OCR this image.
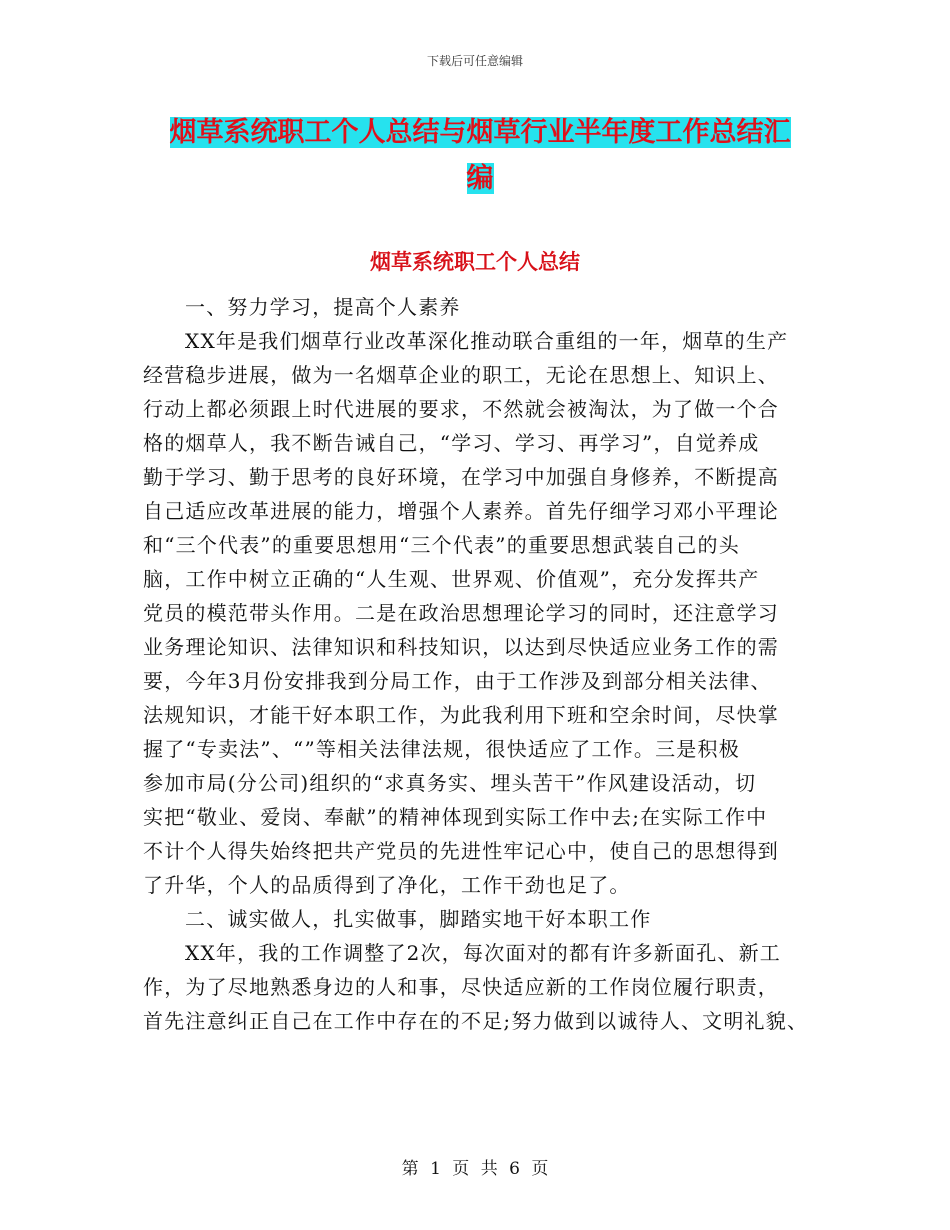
下载后可任意编辑
烟草系统职工个人总结与烟草行业半年度工作总结汇
编
烟草系统职工个人总结
一、努力学习，提高个人素养
XX年是我们烟草行业改革深化推动联合重组的一年，烟草的生产
经营稳步进展，做为一名烟草企业的职工，无论在思想上、知识上、
行动上都必须跟上时代进展的要求，不然就会被淘汰，为了做一个合
格的烟草人，我不断告诫自己，“学习、学习、再学习”，自觉养成
勤于学习、勤于思考的良好环境，在学习中加强自身修养，不断提高
自己适应改革进展的能力，增强个人素养。首先仔细学习邓小平理论
和“三个代表”的重要思想用“三个代表”的重要思想武装自己的头
脑，工作中树立正确的“人生观、世界观、价值观”，充分发挥共产
党员的模范带头作用。二是在政治思想理论学习的同时，还注意学习
业务理论知识、法律知识和科技知识，以达到尽快适应业务工作的需
要，今年3月份安排我到分局工作，由于工作涉及到部分相关法律、
法规知识，才能干好本职工作，为此我利用下班和空余时间，尽快掌
握了“专卖法”、“”等相关法律法规，很快适应了工作。三是积极
参加市局(分公司)组织的“求真务实、埋头苦干”作风建设活动，切
实把“敬业、爱岗、奉献”的精神体现到实际工作中去;在实际工作中
不计个人得失始终把共产党员的先进性牢记心中，使自己的思想得到
了升华，个人的品质得到了净化，工作干劲也足了。
二、诚实做人，扎实做事，脚踏实地干好本职工作
XX年，我的工作调整了2次，每次面对的都有许多新面孔、新工
作，为了尽地熟悉身边的人和事，尽快适应新的工作岗位履行职责，
首先注意纠正自己在工作中存在的不足;努力做到以诚待人、文明礼貌、
第 1 页 共 6 页
